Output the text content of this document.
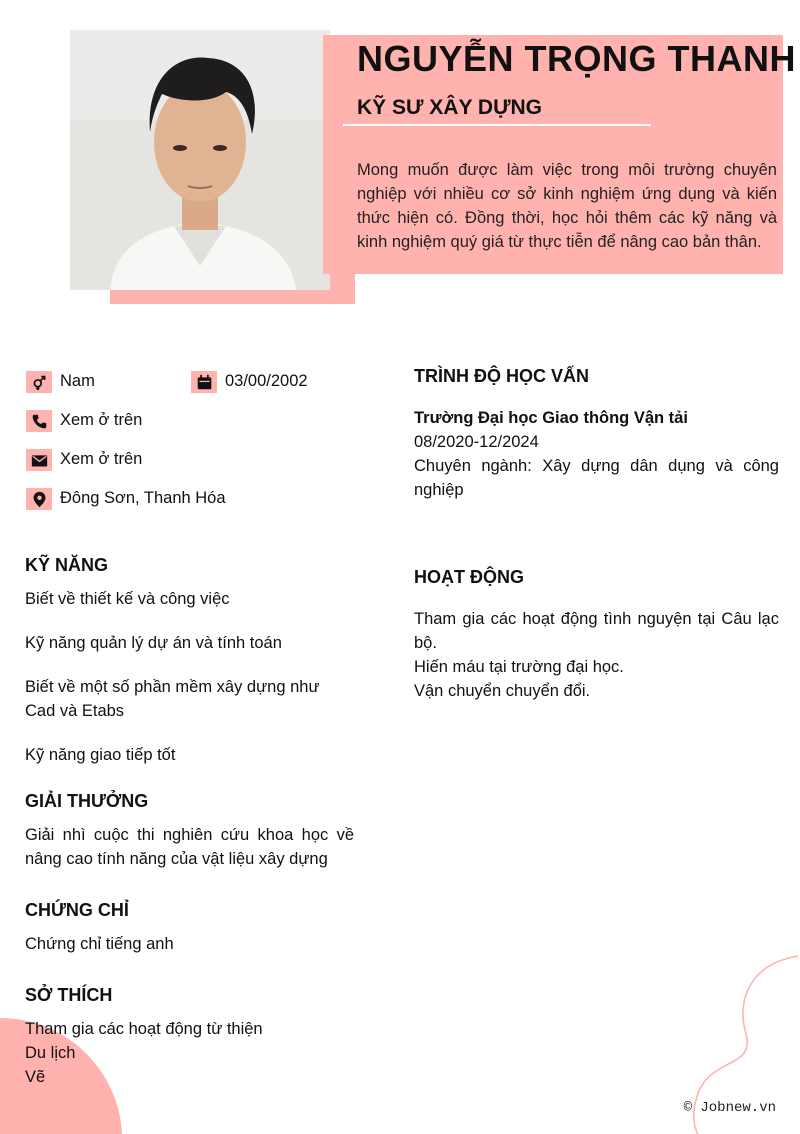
NGUYỄN TRỌNG THANH
KỸ SƯ XÂY DỰNG
Mong muốn được làm việc trong môi trường chuyên nghiệp với nhiều cơ sở kinh nghiệm ứng dụng và kiến thức hiện có. Đồng thời, học hỏi thêm các kỹ năng và kinh nghiệm quý giá từ thực tiễn để nâng cao bản thân.
Nam	03/00/2002
Xem ở trên
Xem ở trên
Đông Sơn, Thanh Hóa
KỸ NĂNG
Biết về thiết kế và công việc
Kỹ năng quản lý dự án và tính toán
Biết về một số phần mềm xây dựng như Cad và Etabs
Kỹ năng giao tiếp tốt
GIẢI THƯỞNG
Giải nhì cuộc thi nghiên cứu khoa học về nâng cao tính năng của vật liệu xây dựng
CHỨNG CHỈ
Chứng chỉ tiếng anh
SỞ THÍCH
Tham gia các hoạt động từ thiện
Du lịch
Vẽ
TRÌNH ĐỘ HỌC VẤN
Trường Đại học Giao thông Vận tải
08/2020-12/2024
Chuyên ngành: Xây dựng dân dụng và công nghiệp
HOẠT ĐỘNG
Tham gia các hoạt động tình nguyện tại Câu lạc bộ.
Hiến máu tại trường đại học.
Vận chuyển chuyển đổi.
© Jobnew.vn
